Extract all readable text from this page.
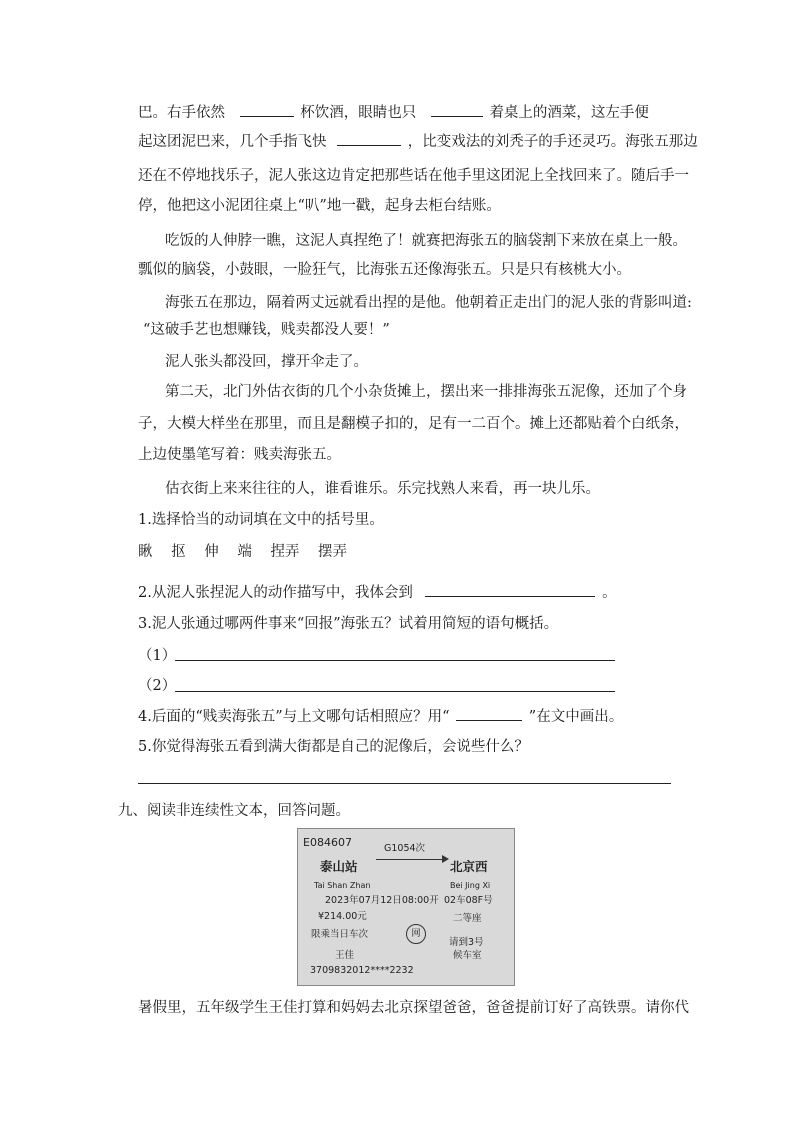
巴。右手依然	杯饮酒，眼睛也只	着桌上的酒菜，这左手便
起这团泥巴来，几个手指飞快	，比变戏法的刘秃子的手还灵巧。海张五那边
还在不停地找乐子，泥人张这边肯定把那些话在他手里这团泥上全找回来了。随后手一
停，他把这小泥团往桌上“叭”地一戳，起身去柜台结账。
吃饭的人伸脖一瞧，这泥人真捏绝了！就赛把海张五的脑袋割下来放在桌上一般。
瓢似的脑袋，小鼓眼，一脸狂气，比海张五还像海张五。只是只有核桃大小。
海张五在那边，隔着两丈远就看出捏的是他。他朝着正走出门的泥人张的背影叫道:
“这破手艺也想赚钱，贱卖都没人要！”
泥人张头都没回，撑开伞走了。
第二天，北门外估衣街的几个小杂货摊上，摆出来一排排海张五泥像，还加了个身
子，大模大样坐在那里，而且是翻模子扣的，足有一二百个。摊上还都贴着个白纸条，
上边使墨笔写着：贱卖海张五。
估衣街上来来往往的人，谁看谁乐。乐完找熟人来看，再一块儿乐。
1.选择恰当的动词填在文中的括号里。
瞅 抠 伸 端 捏弄 摆弄
2.从泥人张捏泥人的动作描写中，我体会到	。
3.泥人张通过哪两件事来“回报”海张五？试着用简短的语句概括。
（1）
（2）
4.后面的“贱卖海张五”与上文哪句话相照应？用“	”在文中画出。
5.你觉得海张五看到满大街都是自己的泥像后，会说些什么？
九、阅读非连续性文本，回答问题。
E084607	G1054次
泰山站	北京西
Tai Shan Zhan	Bei Jing Xi
2023年07月12日08:00开 02车08F号
¥214.00元	二等座
限乘当日车次	网
请到3号
候车室
王佳
3709832012****2232
暑假里，五年级学生王佳打算和妈妈去北京探望爸爸，爸爸提前订好了高铁票。请你代
